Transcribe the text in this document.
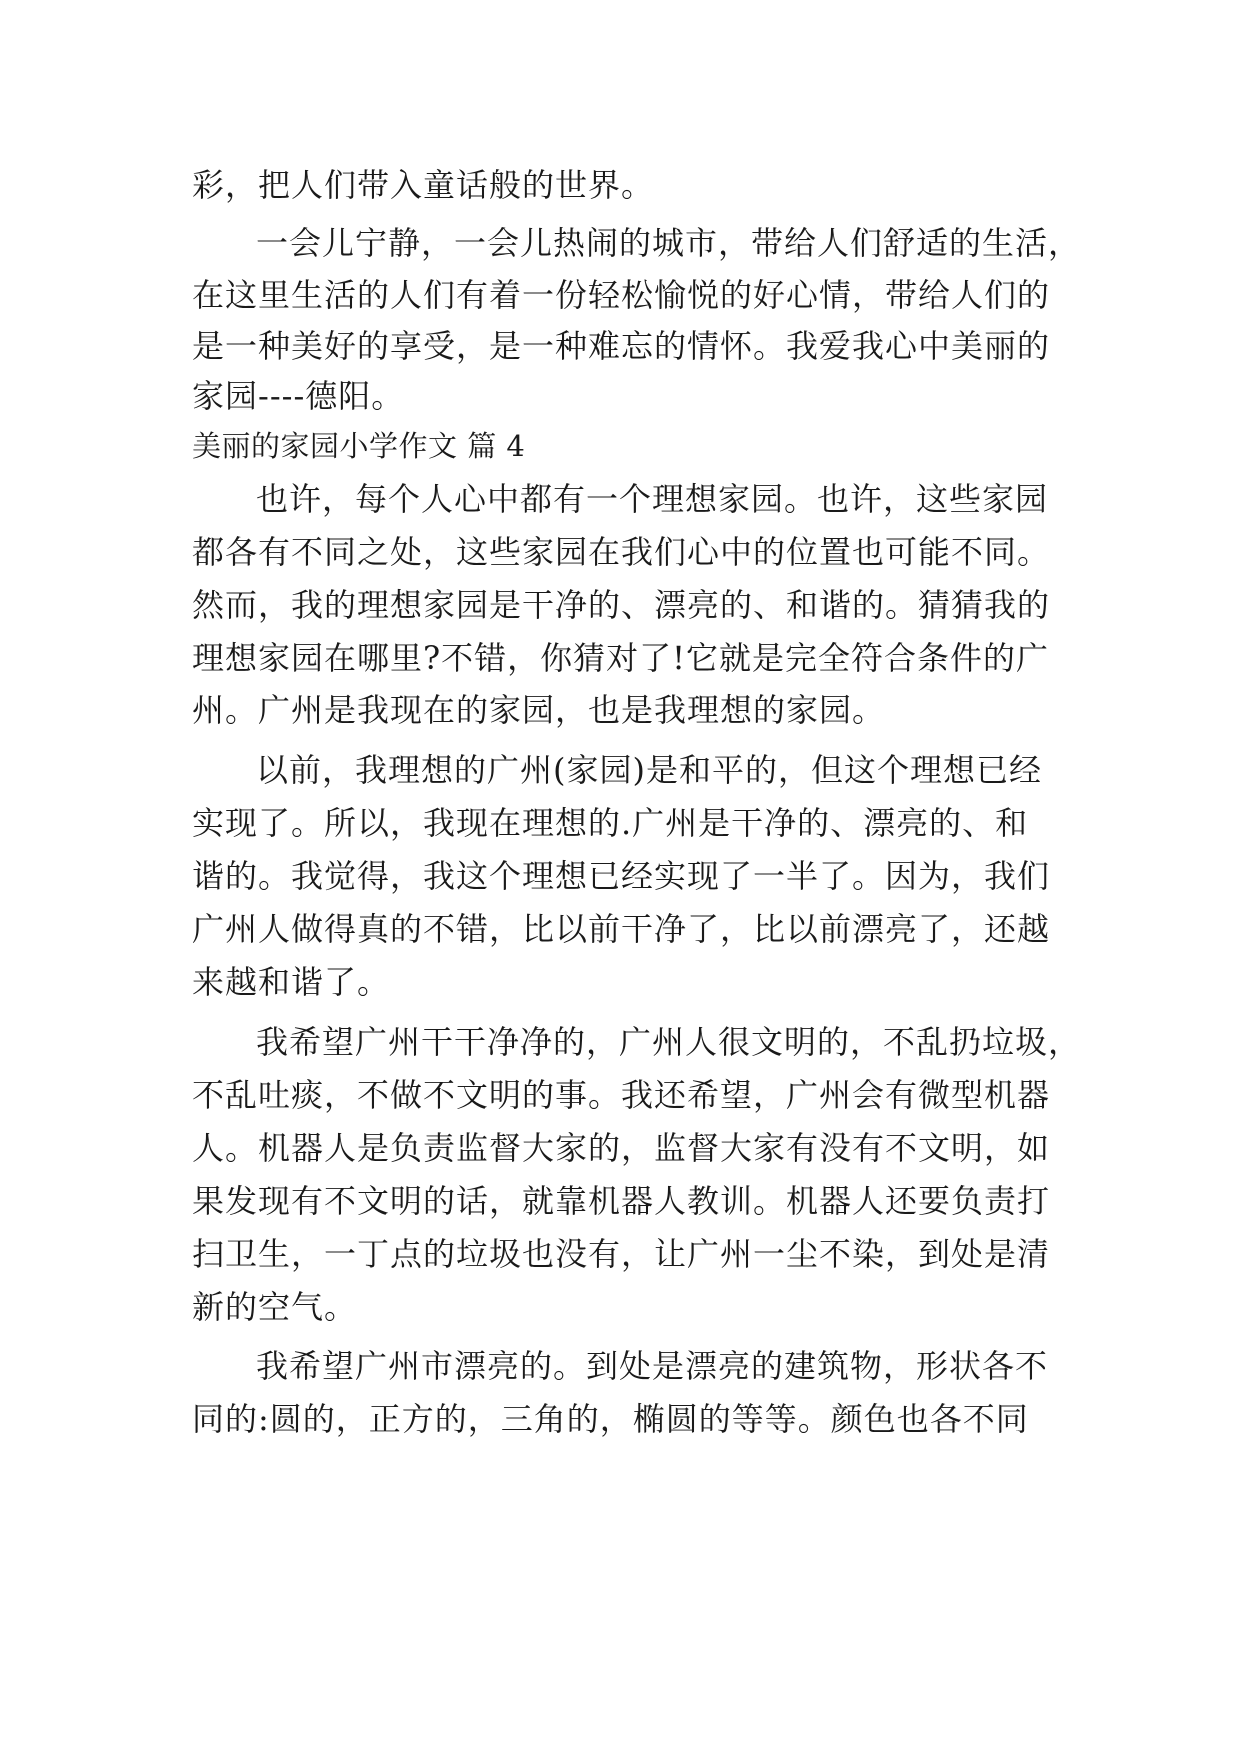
彩，把人们带入童话般的世界。
一会儿宁静，一会儿热闹的城市，带给人们舒适的生活，
在这里生活的人们有着一份轻松愉悦的好心情，带给人们的
是一种美好的享受，是一种难忘的情怀。我爱我心中美丽的
家园----德阳。
美丽的家园小学作文 篇 4
也许，每个人心中都有一个理想家园。也许，这些家园
都各有不同之处，这些家园在我们心中的位置也可能不同。
然而，我的理想家园是干净的、漂亮的、和谐的。猜猜我的
理想家园在哪里?不错，你猜对了!它就是完全符合条件的广
州。广州是我现在的家园，也是我理想的家园。
以前，我理想的广州(家园)是和平的，但这个理想已经
实现了。所以，我现在理想的.广州是干净的、漂亮的、和
谐的。我觉得，我这个理想已经实现了一半了。因为，我们
广州人做得真的不错，比以前干净了，比以前漂亮了，还越
来越和谐了。
我希望广州干干净净的，广州人很文明的，不乱扔垃圾，
不乱吐痰，不做不文明的事。我还希望，广州会有微型机器
人。机器人是负责监督大家的，监督大家有没有不文明，如
果发现有不文明的话，就靠机器人教训。机器人还要负责打
扫卫生，一丁点的垃圾也没有，让广州一尘不染，到处是清
新的空气。
我希望广州市漂亮的。到处是漂亮的建筑物，形状各不
同的:圆的，正方的，三角的，椭圆的等等。颜色也各不同
